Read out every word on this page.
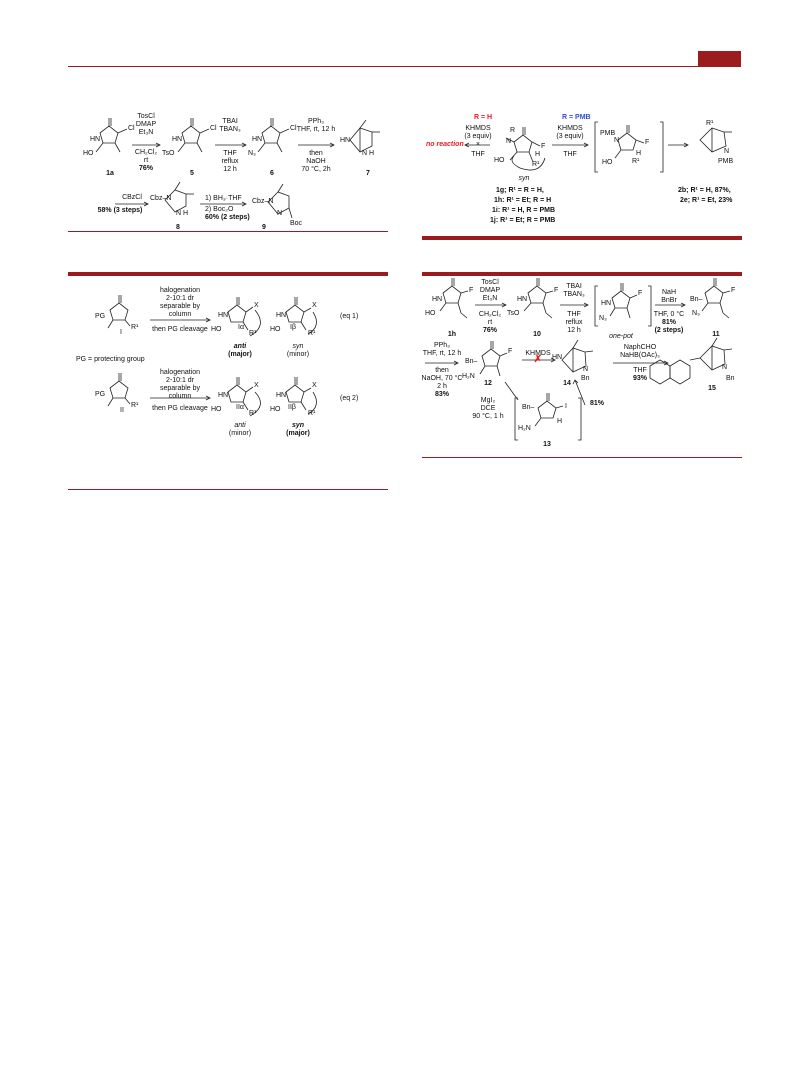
Cl
HN
HO
1a
TosCl
DMAP
Et₃N
CH₂Cl₂
rt
76%
Cl
HN
TsO
5
TBAI
TBAN₃
THF
reflux
12 h
Cl
HN
N₃
6
PPh₃
THF, rt, 12 h
then
NaOH
70 °C, 2h
HN
N H
7
CBzCl
58% (3 steps)
Cbz–N
N H
8
1) BH₃·THF
2) Boc₂O
60% (2 steps)
Cbz–N
N
Boc
9
halogenation
2-10:1 dr
separable by
column
then PG cleavage
PG
R¹
I
X
HN
HO Iα
R¹
anti
(major)
X
HN
HO Iβ
R¹
syn
(minor)
(eq 1)
PG = protecting group
halogenation
2-10:1 dr
separable by
column
then PG cleavage
PG
R¹
II
X
HN
HO IIα
R¹
anti
(minor)
X
HN
HO IIβ
R¹
syn
(major)
(eq 2)
R = H	R = PMB
no reaction
KHMDS
(3 equiv)
×
THF
R
N
F
H
HO
R¹
syn
KHMDS
(3 equiv)
THF
PMB
N	F
H
R¹
HO
R¹
N
PMB
1g; R¹ = R = H,
1h: R¹ = Et; R = H
1i: R¹ = H, R = PMB
1j: R¹ = Et; R = PMB
2b; R¹ = H, 87%,
2e; R¹ = Et, 23%
F
HN
HO
1h
TosCl
DMAP
Et₃N
CH₂Cl₂
rt
76%
F
HN
TsO
10
TBAI
TBAN₃
THF
reflux
12 h
F
HN
N₃
one-pot
NaH
BnBr
THF, 0 °C
81%
(2 steps)
F
Bn–
N₃
11
PPh₃
THF, rt, 12 h
then
NaOH, 70 °C
2 h
83%
F
Bn–
H₂N
12
KHMDS
✗ HN
N
Bn
14
NaphCHO
NaHB(OAc)₃
THF
93%
N
Bn
15
MgI₂
DCE
90 °C, 1 h
Bn–	I
H₂N
H
13
81%
